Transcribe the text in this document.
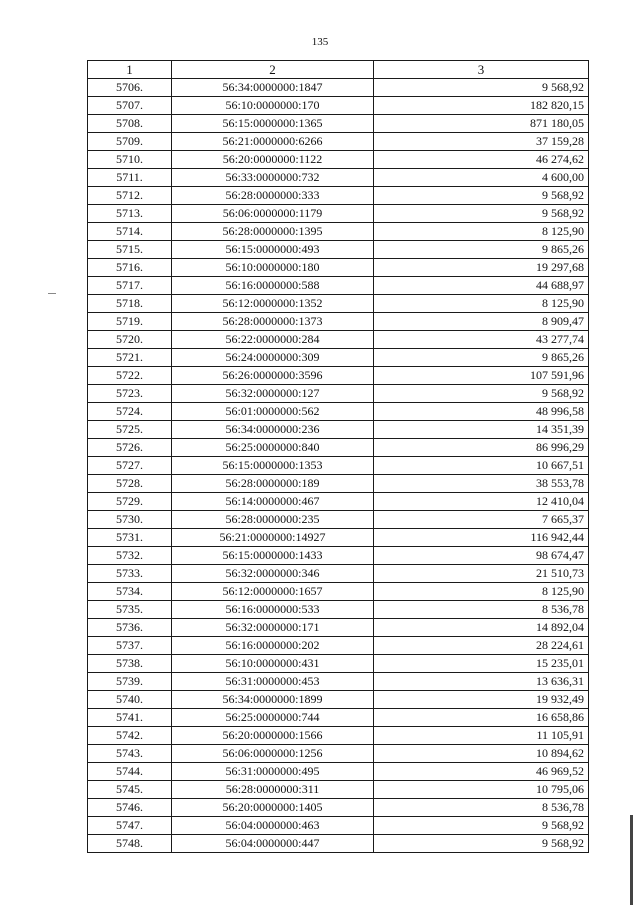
135
1	2	3
5706.	56:34:0000000:1847	9 568,92
5707.	56:10:0000000:170	182 820,15
5708.	56:15:0000000:1365	871 180,05
5709.	56:21:0000000:6266	37 159,28
5710.	56:20:0000000:1122	46 274,62
5711.	56:33:0000000:732	4 600,00
5712.	56:28:0000000:333	9 568,92
5713.	56:06:0000000:1179	9 568,92
5714.	56:28:0000000:1395	8 125,90
5715.	56:15:0000000:493	9 865,26
5716.	56:10:0000000:180	19 297,68
5717.	56:16:0000000:588	44 688,97
5718.	56:12:0000000:1352	8 125,90
5719.	56:28:0000000:1373	8 909,47
5720.	56:22:0000000:284	43 277,74
5721.	56:24:0000000:309	9 865,26
5722.	56:26:0000000:3596	107 591,96
5723.	56:32:0000000:127	9 568,92
5724.	56:01:0000000:562	48 996,58
5725.	56:34:0000000:236	14 351,39
5726.	56:25:0000000:840	86 996,29
5727.	56:15:0000000:1353	10 667,51
5728.	56:28:0000000:189	38 553,78
5729.	56:14:0000000:467	12 410,04
5730.	56:28:0000000:235	7 665,37
5731.	56:21:0000000:14927	116 942,44
5732.	56:15:0000000:1433	98 674,47
5733.	56:32:0000000:346	21 510,73
5734.	56:12:0000000:1657	8 125,90
5735.	56:16:0000000:533	8 536,78
5736.	56:32:0000000:171	14 892,04
5737.	56:16:0000000:202	28 224,61
5738.	56:10:0000000:431	15 235,01
5739.	56:31:0000000:453	13 636,31
5740.	56:34:0000000:1899	19 932,49
5741.	56:25:0000000:744	16 658,86
5742.	56:20:0000000:1566	11 105,91
5743.	56:06:0000000:1256	10 894,62
5744.	56:31:0000000:495	46 969,52
5745.	56:28:0000000:311	10 795,06
5746.	56:20:0000000:1405	8 536,78
5747.	56:04:0000000:463	9 568,92
5748.	56:04:0000000:447	9 568,92
